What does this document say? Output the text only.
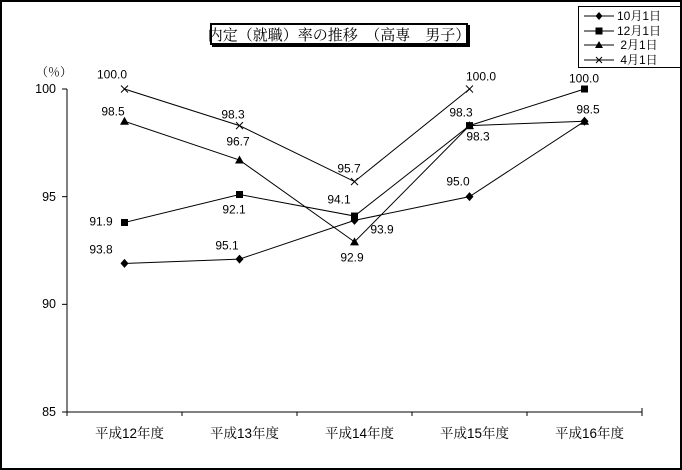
内定（就職）率の推移　（高専　男子）
（％）
10月1日
12月1日
2月1日
4月1日
100
95
90
85
平成12年度	平成13年度	平成14年度	平成15年度	平成16年度
100.0
98.5
91.9
93.8
98.3
96.7
92.1
95.1
95.7
94.1
93.9
92.9
100.0
98.3
98.3
95.0
100.0
98.5
